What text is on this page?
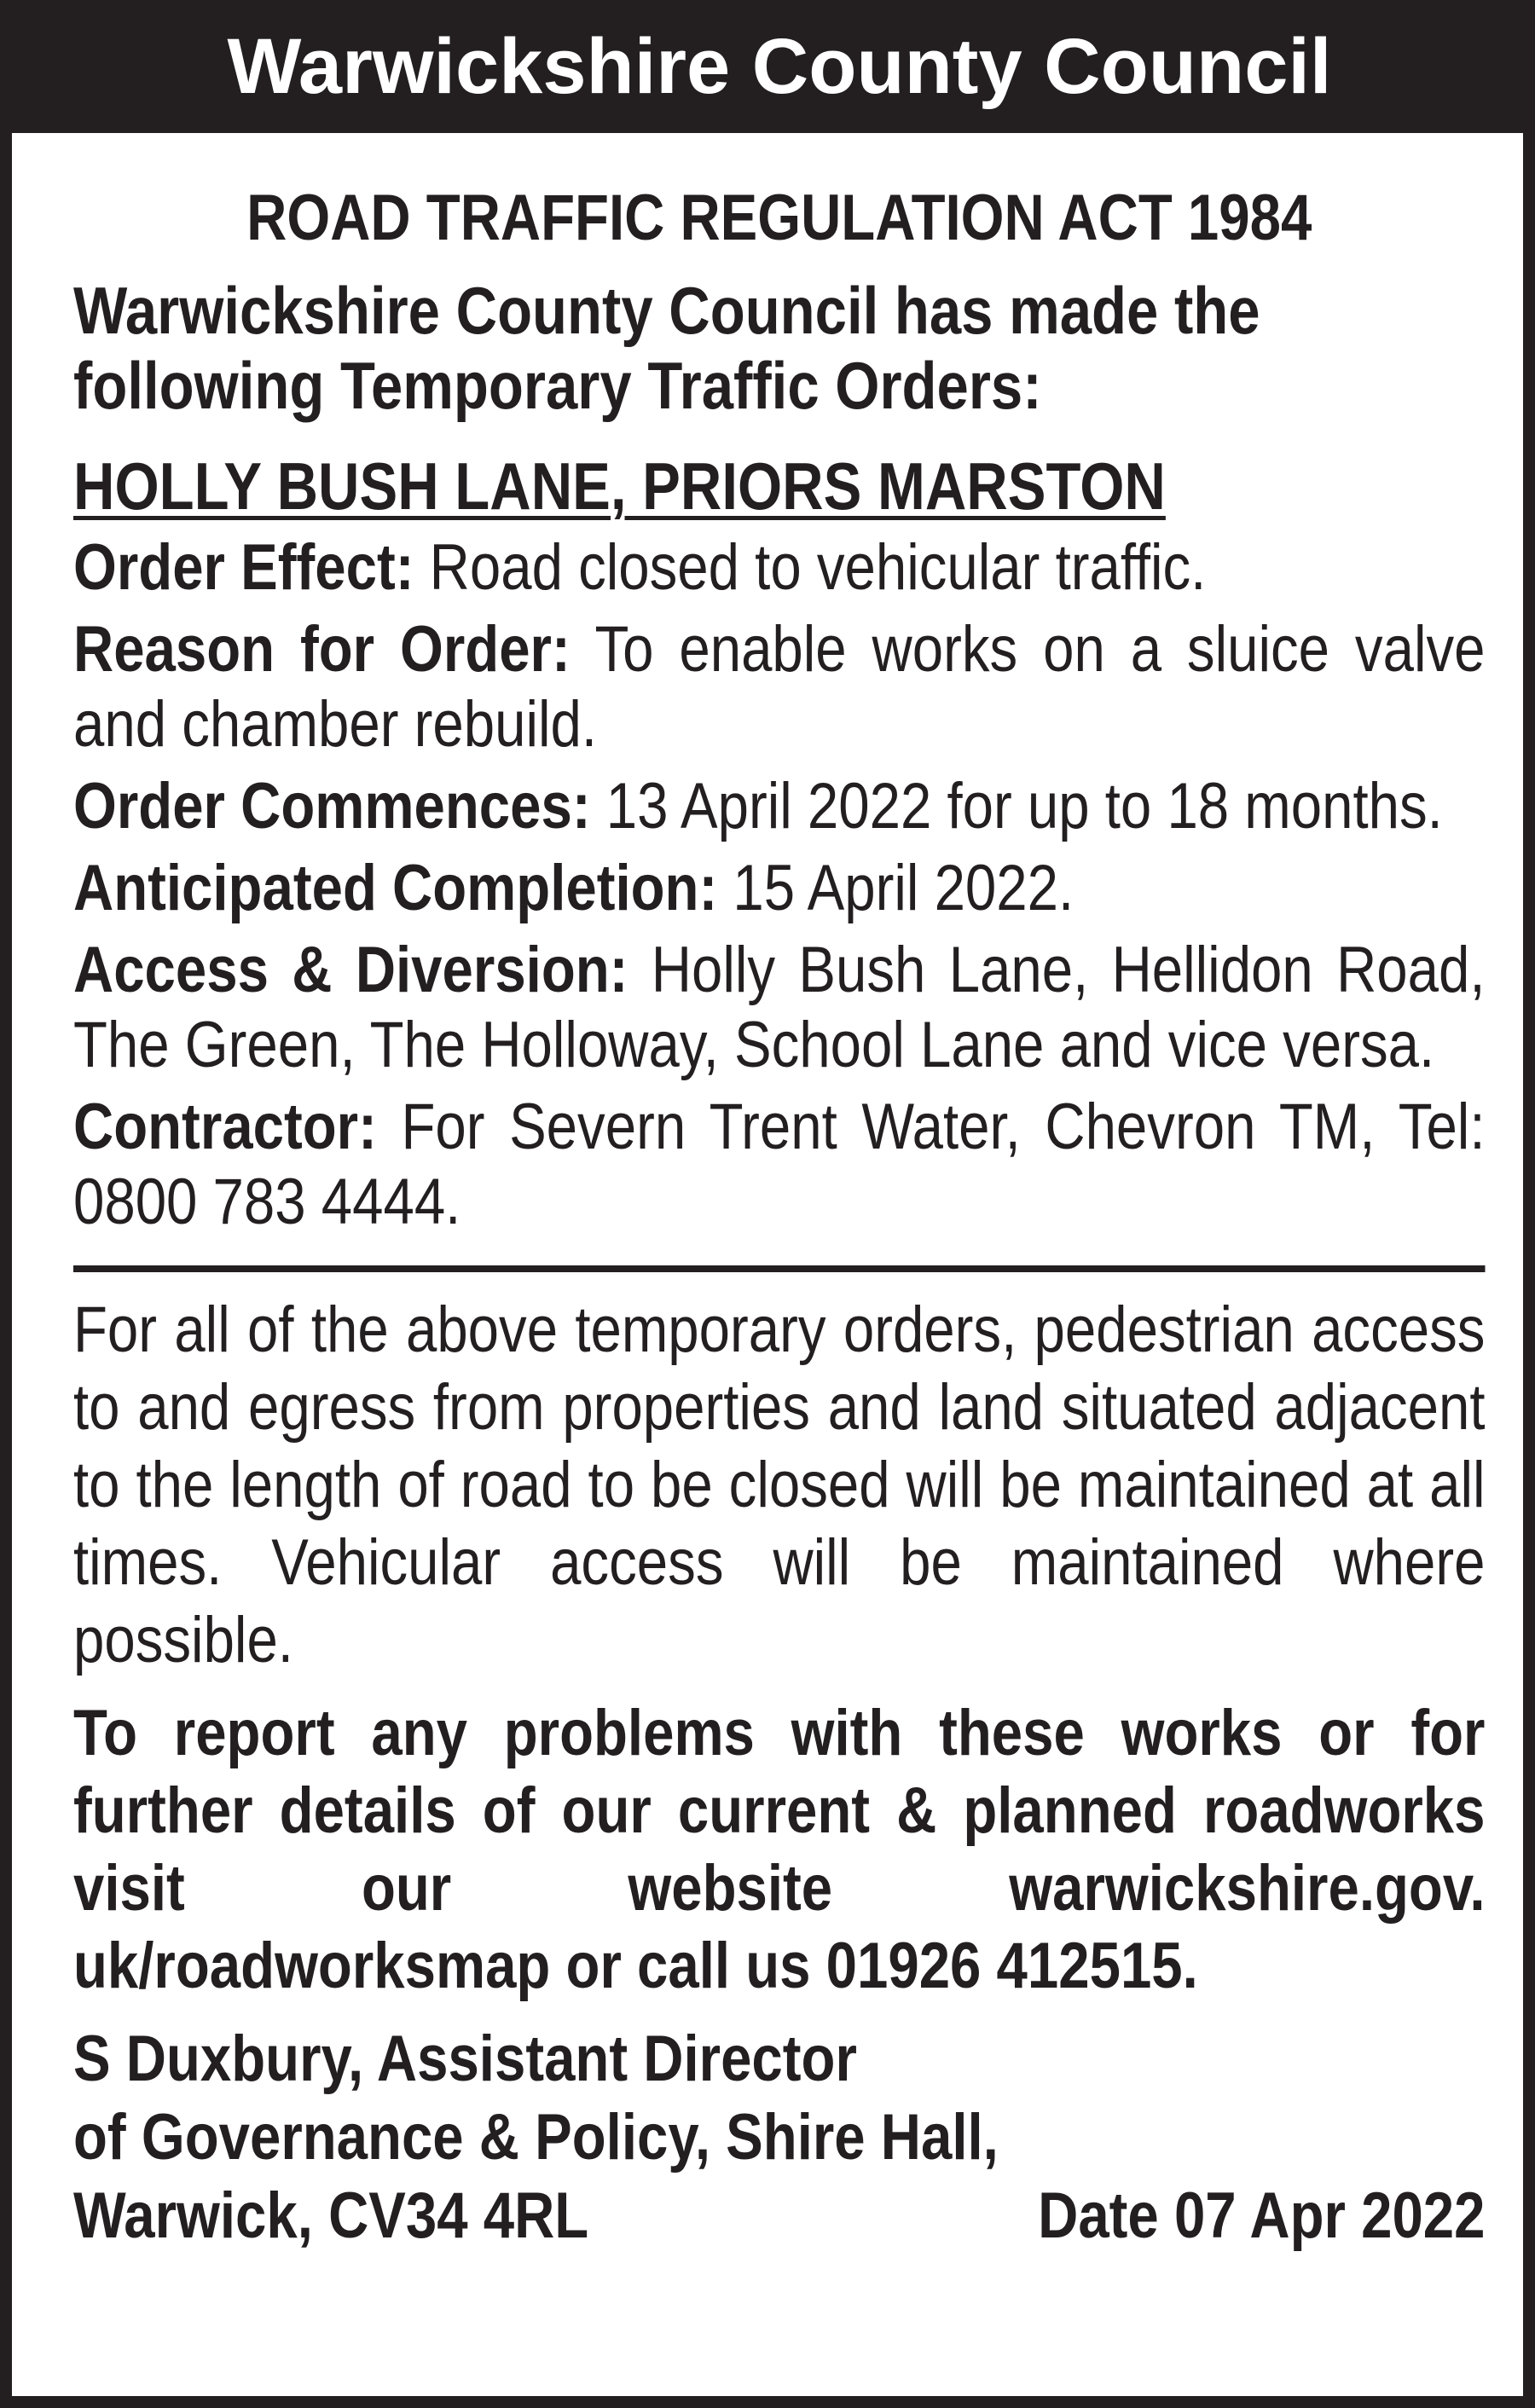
Warwickshire County Council
ROAD TRAFFIC REGULATION ACT 1984
Warwickshire County Council has made the following Temporary Traffic Orders:
HOLLY BUSH LANE, PRIORS MARSTON
Order Effect: Road closed to vehicular traffic.
Reason for Order: To enable works on a sluice valve and chamber rebuild.
Order Commences: 13 April 2022 for up to 18 months.
Anticipated Completion: 15 April 2022.
Access & Diversion: Holly Bush Lane, Hellidon Road, The Green, The Holloway, School Lane and vice versa.
Contractor: For Severn Trent Water, Chevron TM, Tel: 0800 783 4444.
For all of the above temporary orders, pedestrian access to and egress from properties and land situated adjacent to the length of road to be closed will be maintained at all times. Vehicular access will be maintained where possible.
To report any problems with these works or for further details of our current & planned roadworks visit our website warwickshire.gov. uk/roadworksmap or call us 01926 412515.
S Duxbury, Assistant Director
of Governance & Policy, Shire Hall,
Warwick, CV34 4RL	Date 07 Apr 2022
